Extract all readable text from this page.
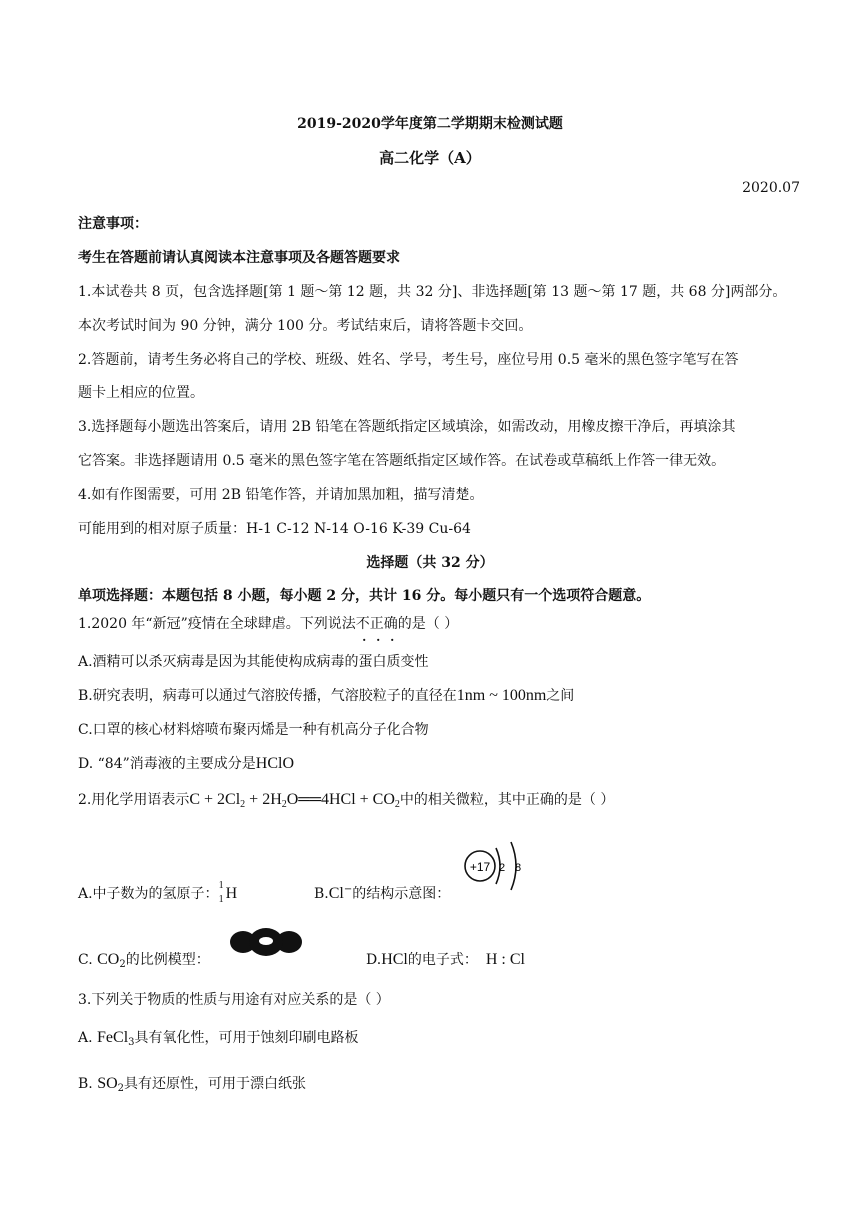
2019-2020学年度第二学期期末检测试题
高二化学（A）
2020.07
注意事项：
考生在答题前请认真阅读本注意事项及各题答题要求
1.本试卷共 8 页，包含选择题[第 1 题～第 12 题，共 32 分]、非选择题[第 13 题～第 17 题，共 68 分]两部分。
本次考试时间为 90 分钟，满分 100 分。考试结束后，请将答题卡交回。
2.答题前，请考生务必将自己的学校、班级、姓名、学号，考生号，座位号用 0.5 毫米的黑色签字笔写在答
题卡上相应的位置。
3.选择题每小题选出答案后，请用 2B 铅笔在答题纸指定区域填涂，如需改动，用橡皮擦干净后，再填涂其
它答案。非选择题请用 0.5 毫米的黑色签字笔在答题纸指定区域作答。在试卷或草稿纸上作答一律无效。
4.如有作图需要，可用 2B 铅笔作答，并请加黑加粗，描写清楚。
可能用到的相对原子质量：H-1 C-12 N-14 O-16 K-39 Cu-64
选择题（共 32 分）
单项选择题：本题包括 8 小题，每小题 2 分，共计 16 分。每小题只有一个选项符合题意。
1.2020 年“新冠”疫情在全球肆虐。下列说法不正确的是（ ）
A.酒精可以杀灭病毒是因为其能使构成病毒的蛋白质变性
B.研究表明，病毒可以通过气溶胶传播，气溶胶粒子的直径在1nm ~ 100nm之间
C.口罩的核心材料熔喷布聚丙烯是一种有机高分子化合物
D. “84”消毒液的主要成分是HClO
2.用化学用语表示$C + 2Cl_2$ + $2H_2O══4HCl + CO_2$中的相关微粒，其中正确的是（ ）
A.中子数为的氢原子：
1
1 H	B.Cl−的结构示意图：
+17 2 8
C. $CO_2$的比例模型：	D.HCl的电子式： H : Cl
3.下列关于物质的性质与用途有对应关系的是（ ）
A. FeCl$_3$具有氧化性，可用于蚀刻印刷电路板
B. $SO_2$具有还原性，可用于漂白纸张
